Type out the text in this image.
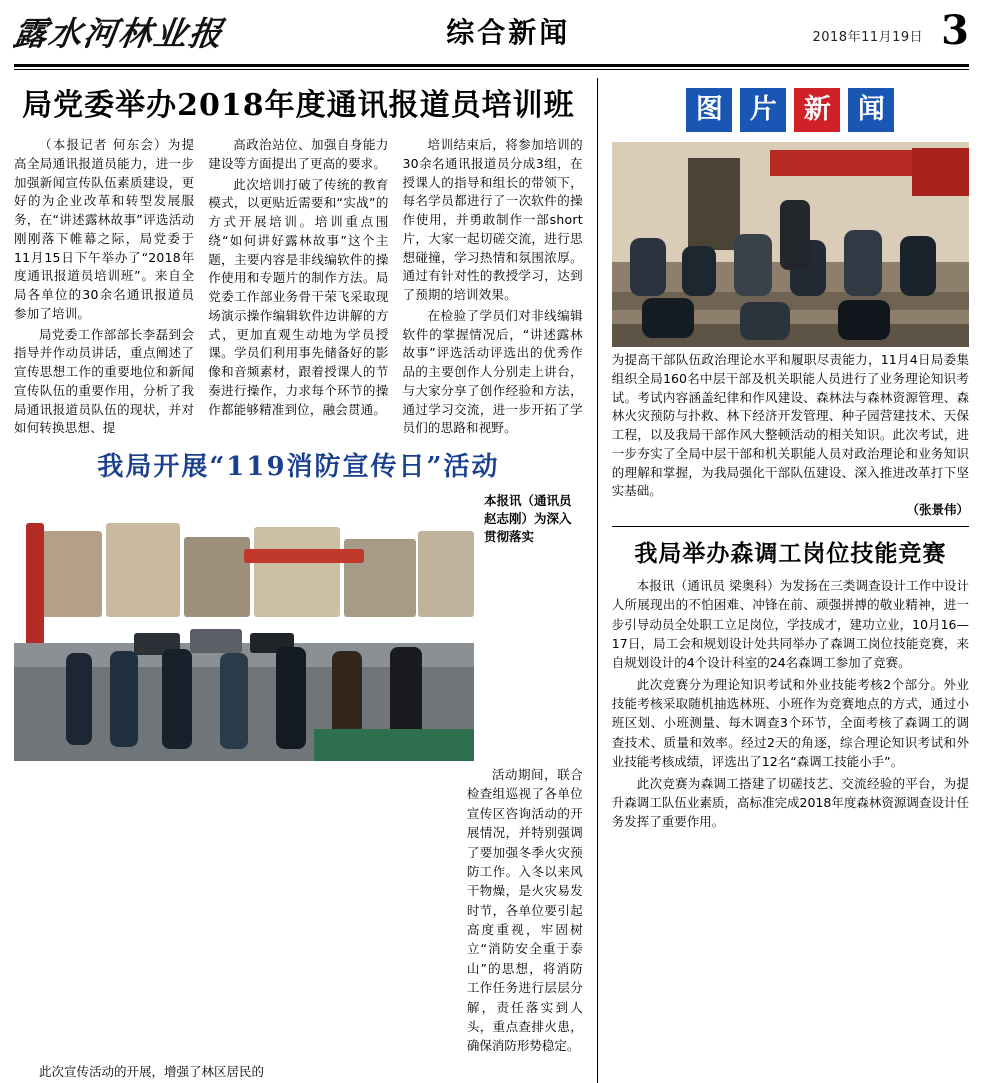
露水河林业报	综合新闻	2018年11月19日 3
局党委举办2018年度通讯报道员培训班

（本报记者 何东会）为提高全局通讯报道员能力，进一步加强新闻宣传队伍素质建设，更好的为企业改革和转型发展服务，在“讲述露林故事”评选活动刚刚落下帷幕之际，局党委于11月15日下午举办了“2018年度通讯报道员培训班”。来自全局各单位的30余名通讯报道员参加了培训。

局党委工作部部长李磊到会指导并作动员讲话，重点阐述了宣传思想工作的重要地位和新闻宣传队伍的重要作用，分析了我局通讯报道员队伍的现状，并对如何转换思想、提

高政治站位、加强自身能力建设等方面提出了更高的要求。

此次培训打破了传统的教育模式，以更贴近需要和“实战”的方式开展培训。培训重点围绕“如何讲好露林故事”这个主题，主要内容是非线编软件的操作使用和专题片的制作方法。局党委工作部业务骨干荣飞采取现场演示操作编辑软件边讲解的方式，更加直观生动地为学员授课。学员们利用事先储备好的影像和音频素材，跟着授课人的节奏进行操作，力求每个环节的操作都能够精准到位，融会贯通。

培训结束后，将参加培训的30余名通讯报道员分成3组，在授课人的指导和组长的带领下，每名学员都进行了一次软件的操作使用，并勇敢制作一部short片，大家一起切磋交流，进行思想碰撞，学习热情和氛围浓厚。通过有针对性的教授学习，达到了预期的培训效果。

在检验了学员们对非线编辑软件的掌握情况后，“讲述露林故事”评选活动评选出的优秀作品的主要创作人分别走上讲台，与大家分享了创作经验和方法，通过学习交流，进一步开拓了学员们的思路和视野。

我局开展“119消防宣传日”活动

活动期间，联合检查组巡视了各单位宣传区咨询活动的开展情况，并特别强调了要加强冬季火灾预防工作。入冬以来风干物燥，是火灾易发时节，各单位要引起高度重视，牢固树立“消防安全重于泰山”的思想，将消防工作任务进行层层分解，责任落实到人头，重点查排火患，确保消防形势稳定。

本报讯（通讯员 赵志刚）为深入贯彻落实

此次宣传活动的开展，增强了林区居民的

图	片	新	闻
为提高干部队伍政治理论水平和履职尽责能力，11月4日局委集组织全局160名中层干部及机关职能人员进行了业务理论知识考试。考试内容涵盖纪律和作风建设、森林法与森林资源管理、森林火灾预防与扑救、林下经济开发管理、种子园营建技术、天保工程，以及我局干部作风大整顿活动的相关知识。此次考试，进一步夯实了全局中层干部和机关职能人员对政治理论和业务知识的理解和掌握，为我局强化干部队伍建设、深入推进改革打下坚实基础。
（张景伟）
我局举办森调工岗位技能竞赛

本报讯（通讯员 梁奥科）为发扬在三类调查设计工作中设计人所展现出的不怕困难、冲锋在前、顽强拼搏的敬业精神，进一步引导动员全处职工立足岗位，学技成才，建功立业，10月16—17日，局工会和规划设计处共同举办了森调工岗位技能竞赛，来自规划设计的4个设计科室的24名森调工参加了竞赛。

此次竞赛分为理论知识考试和外业技能考核2个部分。外业技能考核采取随机抽选林班、小班作为竞赛地点的方式，通过小班区划、小班测量、每木调查3个环节，全面考核了森调工的调查技术、质量和效率。经过2天的角逐，综合理论知识考试和外业技能考核成绩，评选出了12名“森调工技能小手”。

此次竞赛为森调工搭建了切磋技艺、交流经验的平台，为提升森调工队伍业素质，高标准完成2018年度森林资源调查设计任务发挥了重要作用。
